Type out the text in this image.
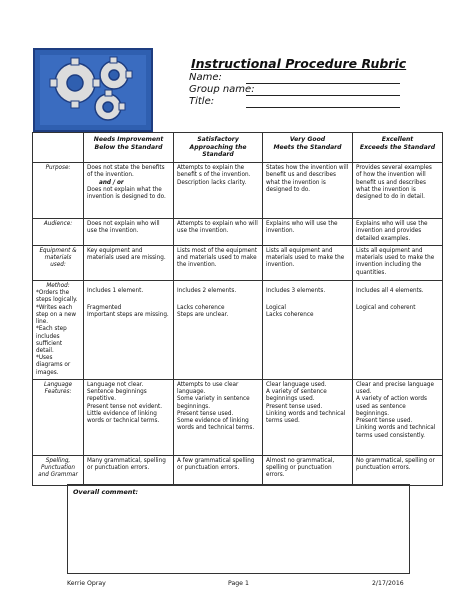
Instructional Procedure Rubric
Name:
Group name:
Title:

	Needs Improvement
Below the Standard	Satisfactory
Approaching the Standard	Very Good
Meets the Standard	Excellent
Exceeds the Standard

Purpose:	Does not state the benefits of the invention.
and / or
Does not explain what the invention is designed to do.	Attempts to explain the benefit s of the invention.
Description lacks clarity.	States how the invention will benefit us and describes what the invention is designed to do.	Provides several examples of how the invention will benefit us and describes what the invention is designed to do in detail.
Audience:	Does not explain who will use the invention.	Attempts to explain who will use the invention.	Explains who will use the invention.	Explains who will use the invention and provides detailed examples.
Equipment & materials used:	Key equipment and materials used are missing.	Lists most of the equipment and materials used to make the invention.	Lists all equipment and materials used to make the invention.	Lists all equipment and materials used to make the invention including the quantities.

Method:
*Orders the steps logically.
*Writes each step on a new line.
*Each step includes sufficient detail.
*Uses diagrams or images.	Includes 1 element.
Fragmented
Important steps are missing.	Includes 2 elements.
Lacks coherence
Steps are unclear.	Includes 3 elements.
Logical
Lacks coherence	Includes all 4 elements.
Logical and coherent

Language Features:	Language not clear.
Sentence beginnings repetitive.
Present tense not evident.
Little evidence of linking words or technical terms.	Attempts to use clear language.
Some variety in sentence beginnings.
Present tense used.
Some evidence of linking words and technical terms.	Clear language used.
A variety of sentence beginnings used.
Present tense used.
Linking words and technical terms used.	Clear and precise language used.
A variety of action words used as sentence beginnings.
Present tense used.
Linking words and technical terms used consistently.

Spelling, Punctuation and Grammar	Many grammatical, spelling or punctuation errors.	A few grammatical spelling or punctuation errors.	Almost no grammatical, spelling or punctuation errors.	No grammatical, spelling or punctuation errors.
Overall comment:
Kerrie Opray	Page 1	2/17/2016
